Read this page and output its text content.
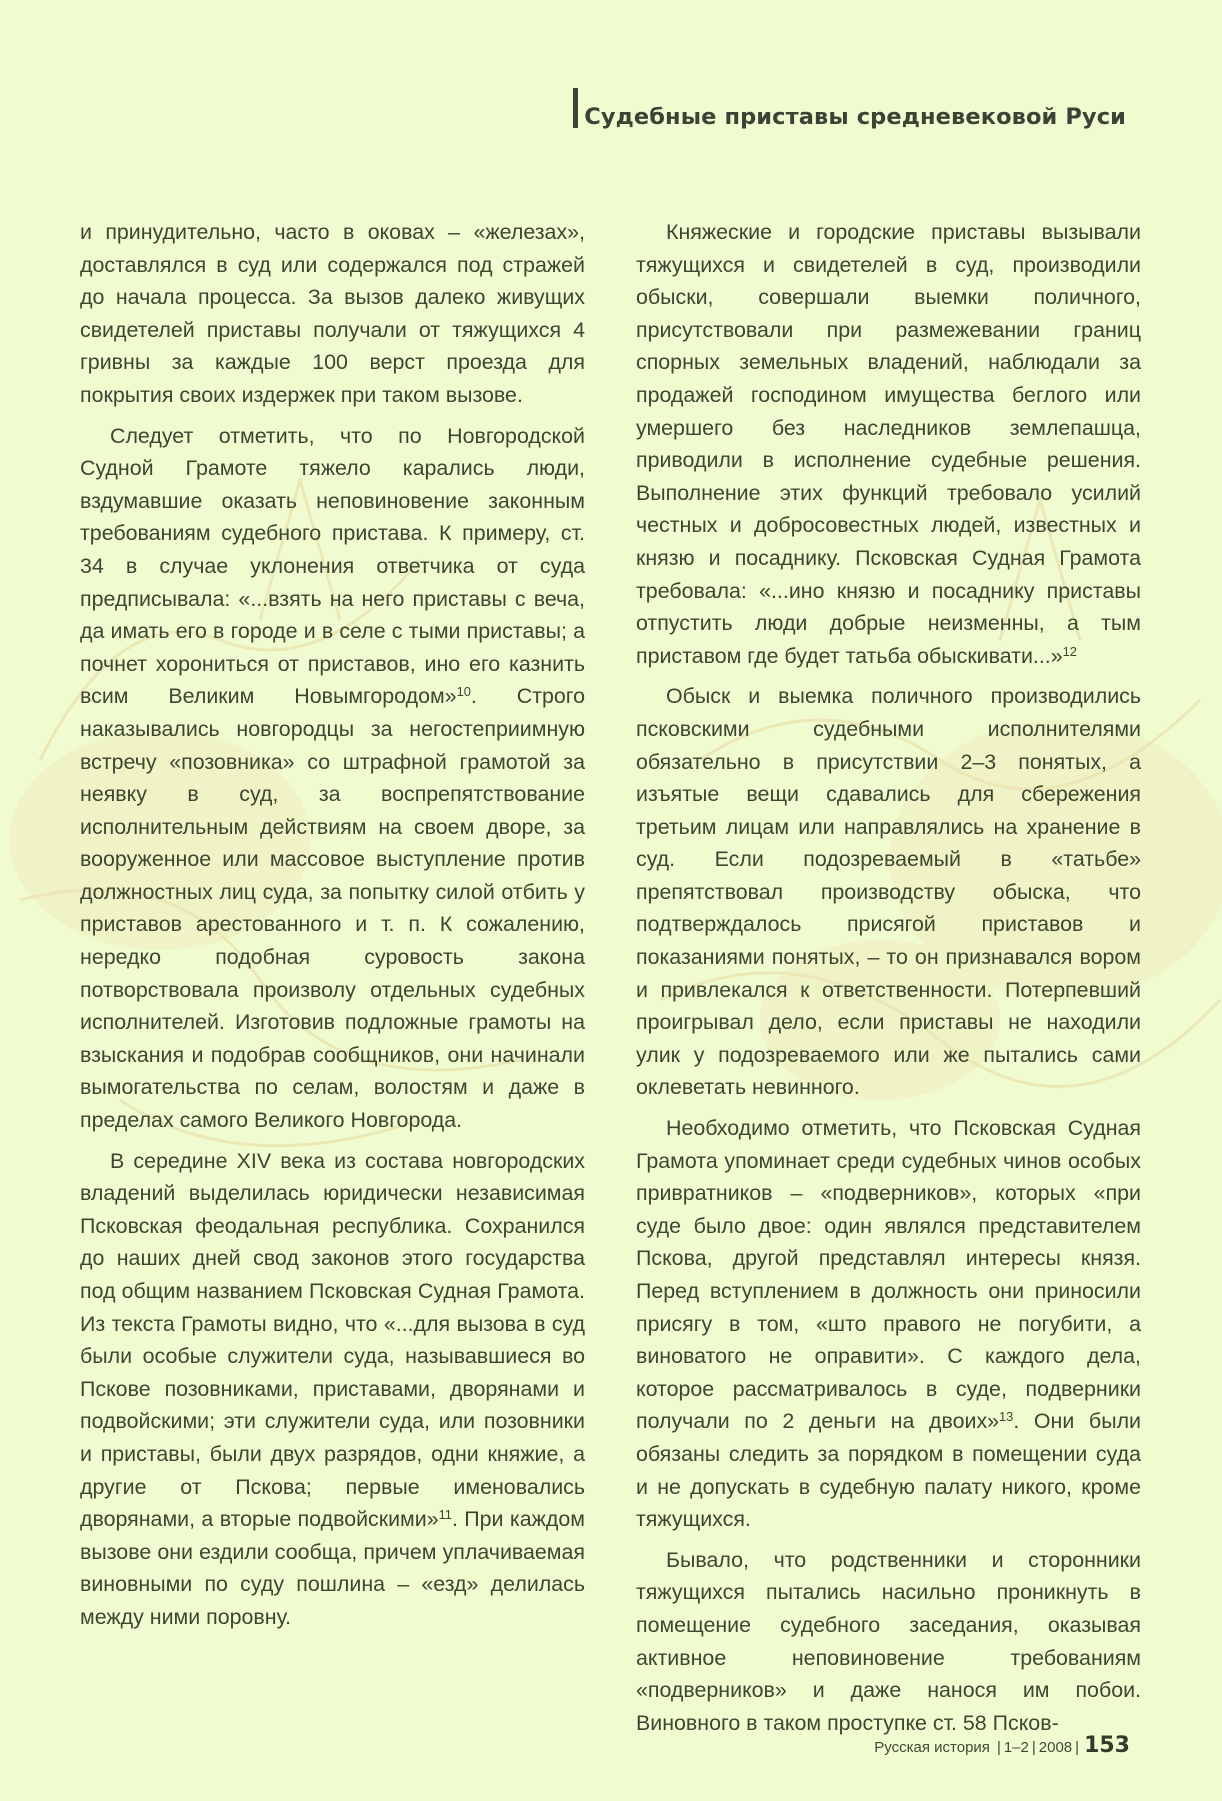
Судебные приставы средневековой Руси

и принудительно, часто в оковах – «железах», доставлялся в суд или содержался под стражей до начала процесса. За вызов далеко живущих свидетелей приставы получали от тяжущихся 4 гривны за каждые 100 верст проезда для покрытия своих издержек при таком вызове.

Следует отметить, что по Новгородской Судной Грамоте тяжело карались люди, вздумавшие оказать неповиновение законным требованиям судебного пристава. К примеру, ст. 34 в случае уклонения ответчика от суда предписывала: «...взять на него приставы с веча, да имать его в городе и в селе с тыми приставы; а почнет хорониться от приставов, ино его казнить всим Великим Новымгородом»$^{10}$. Строго наказывались новгородцы за негостеприимную встречу «позовника» со штрафной грамотой за неявку в суд, за воспрепятствование исполнительным действиям на своем дворе, за вооруженное или массовое выступление против должностных лиц суда, за попытку силой отбить у приставов арестованного и т. п. К сожалению, нередко подобная суровость закона потворствовала произволу отдельных судебных исполнителей. Изготовив подложные грамоты на взыскания и подобрав сообщников, они начинали вымогательства по селам, волостям и даже в пределах самого Великого Новгорода.

В середине XIV века из состава новгородских владений выделилась юридически независимая Псковская феодальная республика. Сохранился до наших дней свод законов этого государства под общим названием Псковская Судная Грамота. Из текста Грамоты видно, что «...для вызова в суд были особые служители суда, называвшиеся во Пскове позовниками, приставами, дворянами и подвойскими; эти служители суда, или позовники и приставы, были двух разрядов, одни княжие, а другие от Пскова; первые именовались дворянами, а вторые подвойскими»$^{11}$. При каждом вызове они ездили сообща, причем уплачиваемая виновными по суду пошлина – «езд» делилась между ними поровну.

Княжеские и городские приставы вызывали тяжущихся и свидетелей в суд, производили обыски, совершали выемки поличного, присутствовали при размежевании границ спорных земельных владений, наблюдали за продажей господином имущества беглого или умершего без наследников землепашца, приводили в исполнение судебные решения. Выполнение этих функций требовало усилий честных и добросовестных людей, известных и князю и посаднику. Псковская Судная Грамота требовала: «...ино князю и посаднику приставы отпустить люди добрые неизменны, а тым приставом где будет татьба обыскивати...»$^{12}$

Обыск и выемка поличного производились псковскими судебными исполнителями обязательно в присутствии 2–3 понятых, а изъятые вещи сдавались для сбережения третьим лицам или направлялись на хранение в суд. Если подозреваемый в «татьбе» препятствовал производству обыска, что подтверждалось присягой приставов и показаниями понятых, – то он признавался вором и привлекался к ответственности. Потерпевший проигрывал дело, если приставы не находили улик у подозреваемого или же пытались сами оклеветать невинного.

Необходимо отметить, что Псковская Судная Грамота упоминает среди судебных чинов особых привратников – «подверников», которых «при суде было двое: один являлся представителем Пскова, другой представлял интересы князя. Перед вступлением в должность они приносили присягу в том, «што правого не погубити, а виноватого не оправити». С каждого дела, которое рассматривалось в суде, подверники получали по 2 деньги на двоих»$^{13}$. Они были обязаны следить за порядком в помещении суда и не допускать в судебную палату никого, кроме тяжущихся.

Бывало, что родственники и сторонники тяжущихся пытались насильно проникнуть в помещение судебного заседания, оказывая активное неповиновение требованиям «подверников» и даже нанося им побои. Виновного в таком проступке ст. 58 Псков-

Русская история | 1–2 | 2008 | 153
